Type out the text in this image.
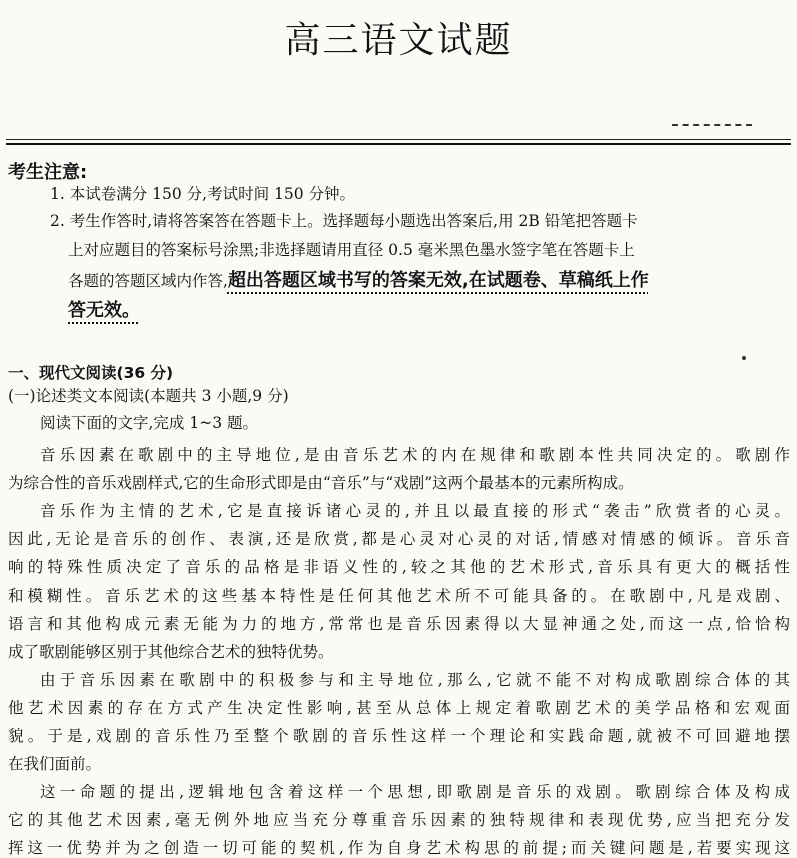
高三语文试题
考生注意:
1. 本试卷满分 150 分,考试时间 150 分钟。
2. 考生作答时,请将答案答在答题卡上。选择题每小题选出答案后,用 2B 铅笔把答题卡
上对应题目的答案标号涂黑;非选择题请用直径 0.5 毫米黑色墨水签字笔在答题卡上
各题的答题区域内作答,超出答题区域书写的答案无效,在试题卷、草稿纸上作
答无效。
一、现代文阅读(36 分)
(一)论述类文本阅读(本题共 3 小题,9 分)
阅读下面的文字,完成 1~3 题。
音乐因素在歌剧中的主导地位,是由音乐艺术的内在规律和歌剧本性共同决定的。歌剧作
为综合性的音乐戏剧样式,它的生命形式即是由“音乐”与“戏剧”这两个最基本的元素所构成。
音乐作为主情的艺术,它是直接诉诸心灵的,并且以最直接的形式“袭击”欣赏者的心灵。
因此,无论是音乐的创作、表演,还是欣赏,都是心灵对心灵的对话,情感对情感的倾诉。音乐音
响的特殊性质决定了音乐的品格是非语义性的,较之其他的艺术形式,音乐具有更大的概括性
和模糊性。音乐艺术的这些基本特性是任何其他艺术所不可能具备的。在歌剧中,凡是戏剧、
语言和其他构成元素无能为力的地方,常常也是音乐因素得以大显神通之处,而这一点,恰恰构
成了歌剧能够区别于其他综合艺术的独特优势。
由于音乐因素在歌剧中的积极参与和主导地位,那么,它就不能不对构成歌剧综合体的其
他艺术因素的存在方式产生决定性影响,甚至从总体上规定着歌剧艺术的美学品格和宏观面
貌。于是,戏剧的音乐性乃至整个歌剧的音乐性这样一个理论和实践命题,就被不可回避地摆
在我们面前。
这一命题的提出,逻辑地包含着这样一个思想,即歌剧是音乐的戏剧。歌剧综合体及构成
它的其他艺术因素,毫无例外地应当充分尊重音乐因素的独特规律和表现优势,应当把充分发
挥这一优势并为之创造一切可能的契机,作为自身艺术构思的前提;而关键问题是,若要实现这
